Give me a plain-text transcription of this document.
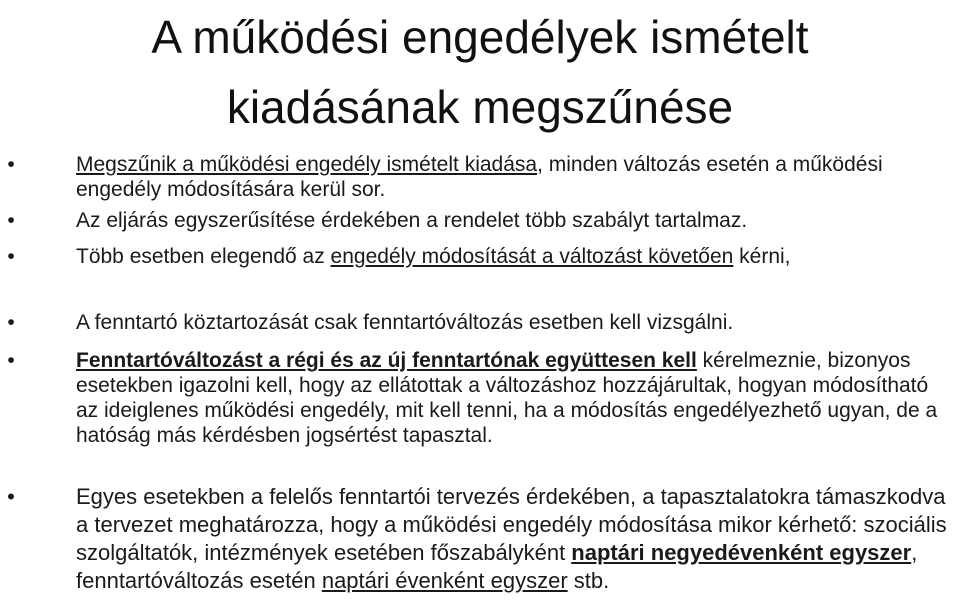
A működési engedélyek ismételt
kiadásának megszűnése
•	Megszűnik a működési engedély ismételt kiadása, minden változás esetén a működési engedély módosítására kerül sor.
•	Az eljárás egyszerűsítése érdekében a rendelet több szabályt tartalmaz.
•	Több esetben elegendő az engedély módosítását a változást követően kérni,
•	A fenntartó köztartozását csak fenntartóváltozás esetben kell vizsgálni.
•	Fenntartóváltozást a régi és az új fenntartónak együttesen kell kérelmeznie, bizonyos esetekben igazolni kell, hogy az ellátottak a változáshoz hozzájárultak, hogyan módosítható az ideiglenes működési engedély, mit kell tenni, ha a módosítás engedélyezhető ugyan, de a hatóság más kérdésben jogsértést tapasztal.
•	Egyes esetekben a felelős fenntartói tervezés érdekében, a tapasztalatokra támaszkodva a tervezet meghatározza, hogy a működési engedély módosítása mikor kérhető: szociális szolgáltatók, intézmények esetében főszabályként naptári negyedévenként egyszer, fenntartóváltozás esetén naptári évenként egyszer stb.
